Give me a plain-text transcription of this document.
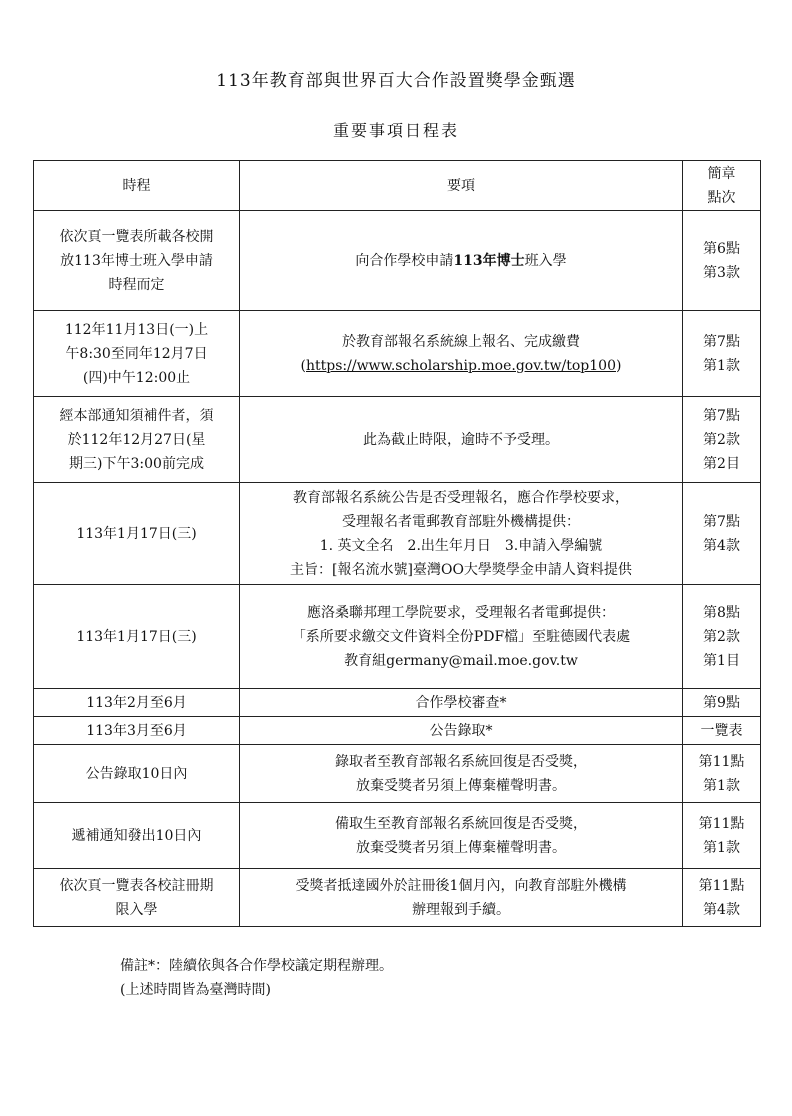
113年教育部與世界百大合作設置獎學金甄選
重要事項日程表
時程	要項	簡章
點次

依次頁一覽表所載各校開
放113年博士班入學申請
時程而定	向合作學校申請113年博士班入學	第6點
第3款

112年11月13日(一)上
午8:30至同年12月7日
(四)中午12:00止	於教育部報名系統線上報名、完成繳費
(https://www.scholarship.moe.gov.tw/top100)	第7點
第1款

經本部通知須補件者，須
於112年12月27日(星
期三)下午3:00前完成	此為截止時限，逾時不予受理。	第7點
第2款
第2目

113年1月17日(三)	教育部報名系統公告是否受理報名，應合作學校要求，
受理報名者電郵教育部駐外機構提供：
1. 英文全名　2.出生年月日　3.申請入學編號
主旨：[報名流水號]臺灣OO大學獎學金申請人資料提供	第7點
第4款

113年1月17日(三)	應洛桑聯邦理工學院要求，受理報名者電郵提供：
「系所要求繳交文件資料全份PDF檔」至駐德國代表處
教育組germany@mail.moe.gov.tw	第8點
第2款
第1目

113年2月至6月	合作學校審查*	第9點

113年3月至6月	公告錄取*	一覽表

公告錄取10日內	錄取者至教育部報名系統回復是否受獎，
放棄受獎者另須上傳棄權聲明書。	第11點
第1款

遞補通知發出10日內	備取生至教育部報名系統回復是否受獎，
放棄受獎者另須上傳棄權聲明書。	第11點
第1款

依次頁一覽表各校註冊期
限入學	受獎者抵達國外於註冊後1個月內，向教育部駐外機構
辦理報到手續。	第11點
第4款
備註*：陸續依與各合作學校議定期程辦理。
(上述時間皆為臺灣時間)
